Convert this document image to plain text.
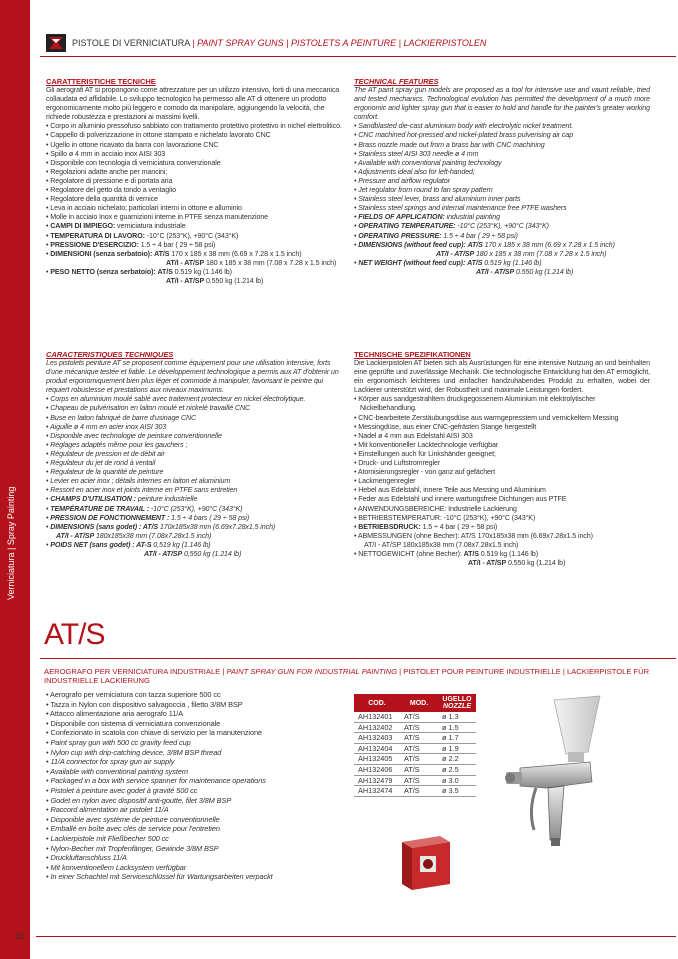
Verniciatura | Spray Painting
PISTOLE DI VERNICIATURA | PAINT SPRAY GUNS | PISTOLETS A PEINTURE | LACKIERPISTOLEN
CARATTERISTICHE TECNICHE

Gli aerografi AT si propongono come attrezzature per un utilizzo intensivo, forti di una meccanica collaudata ed affidabile. Lo sviluppo tecnologico ha permesso alle AT di ottenere un prodotto ergonomicamente molto più leggero e comodo da manipolare, aggiungendo la velocità, che richiede robustezza e prestazioni ai massimi livelli.

• Corpo in alluminio pressofuso sabbiato con trattamento protettivo protettivo in nichel elettrolitico.
• Cappello di polverizzazione in ottone stampato e nichelato lavorato CNC
• Ugello in ottone ricavato da barra con lavorazione CNC
• Spillo ø 4 mm in acciaio inox AISI 303
• Disponibile con tecnologia di verniciatura convenzionale
• Regolazioni adatte anche per mancini;
• Regolatore di pressione e di portata aria
• Regolatore del getto da tondo a ventaglio
• Regolatore della quantità di vernice
• Leva in acciaio nichelato; particolari interni in ottone e alluminio
• Molle in acciaio Inox e guarnizioni interne in PTFE senza manutenzione
• CAMPI DI IMPIEGO: verniciatura industriale
• TEMPERATURA DI LAVORO: -10°C (253°K), +90°C (343°K)
• PRESSIONE D'ESERCIZIO: 1.5 ÷ 4 bar ( 29 ÷ 58 psi)
• DIMENSIONI (senza serbatoio): AT/S 170 x 185 x 38 mm (6.69 x 7.28 x 1.5 inch)
AT/I - AT/SP 180 x 185 x 38 mm (7.08 x 7.28 x 1.5 inch)
• PESO NETTO (senza serbatoio): AT/S 0.519 kg (1.146 lb)
AT/I - AT/SP 0.550 kg (1.214 lb)
TECHNICAL FEATURES

The AT paint spray gun models are proposed as a tool for intensive use and vaunt reliable, tried and tested mechanics. Technological evolution has permitted the development of a much more ergonomic and lighter spray gun that is easier to hold and handle for the painter's greater working comfort.

• Sandblasted die-cast aluminium body with electrolytic nickel treatment.
• CNC machined hot-pressed and nickel-plated brass pulverising air cap
• Brass nozzle made out from a brass bar with CNC machining
• Stainless steel AISI 303 needle ø 4 mm
• Available with conventional painting technology
• Adjustments ideal also for left-handed;
• Pressure and airflow regulator
• Jet regulator from round to fan spray pattern
• Stainless steel lever, brass and aluminium inner parts
• Stainless steel springs and internal maintenance free PTFE washers
• FIELDS OF APPLICATION: industrial painting
• OPERATING TEMPERATURE: -10°C (253°K), +90°C (343°K)
• OPERATING PRESSURE: 1.5 ÷ 4 bar ( 29 ÷ 58 psi)
• DIMENSIONS (without feed cup): AT/S 170 x 185 x 38 mm (6.69 x 7.28 x 1.5 inch)
AT/I - AT/SP 180 x 185 x 38 mm (7.08 x 7.28 x 1.5 inch)
• NET WEIGHT (without feed cup): AT/S 0.519 kg (1.146 lb)
AT/I - AT/SP 0.550 kg (1.214 lb)
CARACTERISTIQUES TECHNIQUES

Les pistolets peinture AT se proposent comme équipement pour une utilisation intensive, forts d'une mécanique testée et fiable. Le développement technologique a permis aux AT d'obtenir un produit ergonomiquement bien plus léger et commode à manipuler, favorisant le peintre qui requiert robustesse et prestations aux niveaux maximums.

• Corps en aluminium moulé sablé avec traitement protecteur en nickel électrolytique.
• Chapeau de pulvérisation en laiton moulé et nickelé travaillé CNC
• Buse en laiton fabriqué de barre d'usinage CNC
• Aiguille ø 4 mm en acier inox AISI 303
• Disponible avec technologie de peinture conventionnelle
• Réglages adaptés même pour les gauchers ;
• Régulateur de pression et de débit air
• Régulateur du jet de rond à ventail
• Régulateur de la quantité de peinture
• Levier en acier inox ; détails internes en laiton et aluminium
• Ressort en acier inox et joints interne en PTFE sans entretien
• CHAMPS D'UTILISATION : peinture industrielle
• TEMPÉRATURE DE TRAVAIL : -10°C (253°K), +90°C (343°K)
• PRESSION DE FONCTIONNEMENT : 1.5 ÷ 4 bars ( 29 ÷ 58 psi)
• DIMENSIONS (sans godet) : AT/S 170x185x38 mm (6.69x7.28x1.5 inch)
AT/I - AT/SP 180x185x38 mm (7.08x7.28x1.5 inch)
• POIDS NET (sans godet) : AT-S 0,519 kg (1.146 lb)
AT/I - AT/SP 0,550 kg (1.214 lb)
TECHNISCHE SPEZIFIKATIONEN

Die Lackierpistolen AT bieten sich als Ausrüstungen für eine intensive Nutzung an und beinhalten eine geprüfte und zuverlässige Mechanik. Die technologische Entwicklung hat den AT ermöglicht, ein ergonomisch leichteres und einfacher handzuhabendes Produkt zu erhalten, wobei der Lackierer unterstützt wird, der Robustheit und maximale Leistungen fordert.

• Körper aus sandgestrahltem druckgegossenem Aluminium mit elektrolytischer Nickelbehandlung.
• CNC-bearbeitete Zerstäubungsdüse aus warmgepresstem und vernickeltem Messing
• Messingdüse, aus einer CNC-gefrästen Stange hergestellt
• Nadel ø 4 mm aus Edelstahl AISI 303
• Mit konventioneller Lacktechnologie verfügbar
• Einstellungen auch für Linkshänder geeignet;
• Druck- und Luftstromregler
• Atomisierungsregler - von ganz auf gefächert
• Lackmengenregler
• Hebel aus Edelstahl, innere Teile aus Messing und Aluminium
• Feder aus Edelstahl und innere wartungsfreie Dichtungen aus PTFE
• ANWENDUNGSBEREICHE: Industrielle Lackierung
• BETRIEBSTEMPERATUR: -10°C (253°K), +90°C (343°K)
• BETRIEBSDRUCK: 1.5 ÷ 4 bar ( 29 ÷ 58 psi)
• ABMESSUNGEN (ohne Becher): AT/S 170x185x38 mm (6.69x7.28x1.5 inch)
AT/I - AT/SP 180x185x38 mm (7.08x7.28x1.5 inch)
• NETTOGEWICHT (ohne Becher): AT/S 0.519 kg (1.146 lb)
AT/I - AT/SP 0.550 kg (1.214 lb)
AT/S
AEROGRAFO PER VERNICIATURA INDUSTRIALE | PAINT SPRAY GUN FOR INDUSTRIAL PAINTING | PISTOLET POUR PEINTURE INDUSTRIELLE | LACKIERPISTOLE FÜR INDUSTRIELLE LACKIERUNG
• Aerografo per verniciatura con tazza superiore 500 cc
• Tazza in Nylon con dispositivo salvagoccia , filetto 3/8M BSP
• Attacco alimentazione aria aerografo 11/A
• Disponibile con sistema di verniciatura convenzionale
• Confezionato in scatola con chiave di servizio per la manutenzione
• Paint spray gun with 500 cc gravity feed cup
• Nylon cup with drip-catching device, 3/8M BSP thread
• 11/A connector for spray gun air supply
• Available with conventional painting system
• Packaged in a box with service spanner for maintenance operations
• Pistolet à peinture avec godet à gravité 500 cc
• Godet en nylon avec dispositif anti-goutte, filet 3/8M BSP
• Raccord alimentation air pistolet 11/A
• Disponible avec système de peinture conventionnelle
• Emballé en boîte avec clés de service pour l'entretien
• Lackierpistole mit Fließbecher 500 cc
• Nylon-Becher mit Tropfenfänger, Gewinde 3/8M BSP
• Druckluftanschluss 11/A
• Mit konventionellem Lacksystem verfügbar
• In einer Schachtel mit Serviceschlüssel für Wartungsarbeiten verpackt
COD.	MOD.	UGELLO
NOZZLE
AH132401	AT/S	ø 1.3
AH132402	AT/S	ø 1.5
AH132403	AT/S	ø 1.7
AH132404	AT/S	ø 1.9
AH132405	AT/S	ø 2.2
AH132406	AT/S	ø 2.5
AH132479	AT/S	ø 3.0
AH132474	AT/S	ø 3.5
10
